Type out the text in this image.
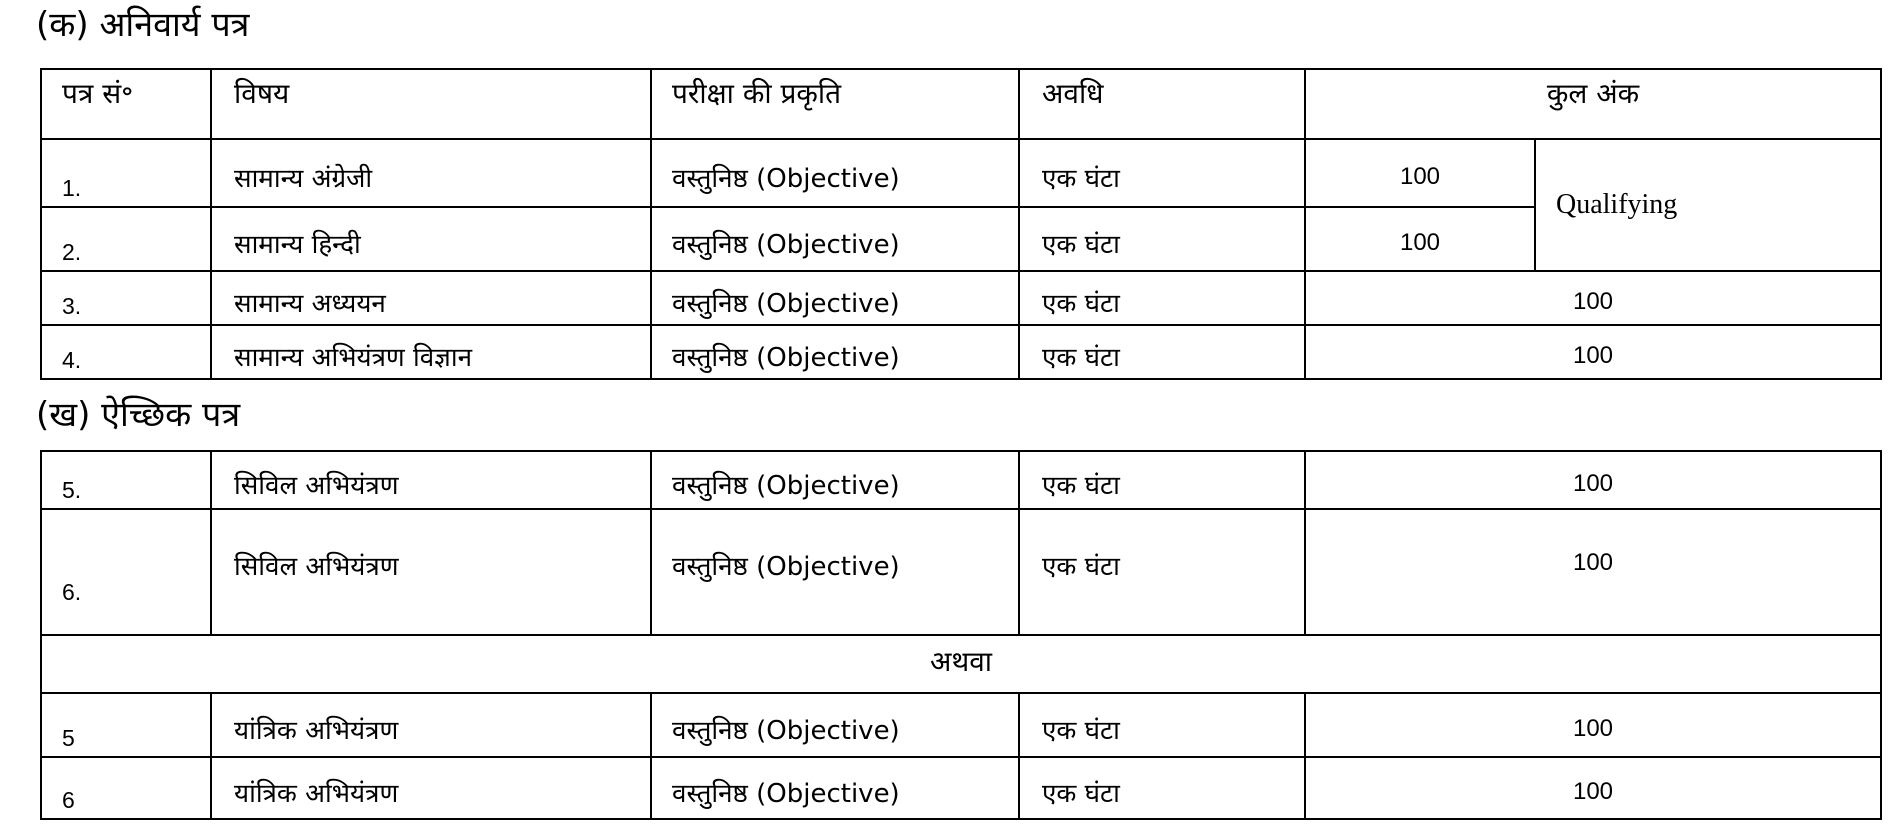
(क) अनिवार्य पत्र
पत्र सं॰	विषय	परीक्षा की प्रकृति	अवधि	कुल अंक	
1.	सामान्य अंग्रेजी	वस्तुनिष्ठ (Objective)	एक घंटा	100	Qualifying
2.	सामान्य हिन्दी	वस्तुनिष्ठ (Objective)	एक घंटा	100	
3.	सामान्य अध्ययन	वस्तुनिष्ठ (Objective)	एक घंटा	100	
4.	सामान्य अभियंत्रण विज्ञान	वस्तुनिष्ठ (Objective)	एक घंटा	100	
(ख) ऐच्छिक पत्र
5.	सिविल अभियंत्रण	वस्तुनिष्ठ (Objective)	एक घंटा	100
6.	सिविल अभियंत्रण	वस्तुनिष्ठ (Objective)	एक घंटा	100
अथवा				
5	यांत्रिक अभियंत्रण	वस्तुनिष्ठ (Objective)	एक घंटा	100
6	यांत्रिक अभियंत्रण	वस्तुनिष्ठ (Objective)	एक घंटा	100
